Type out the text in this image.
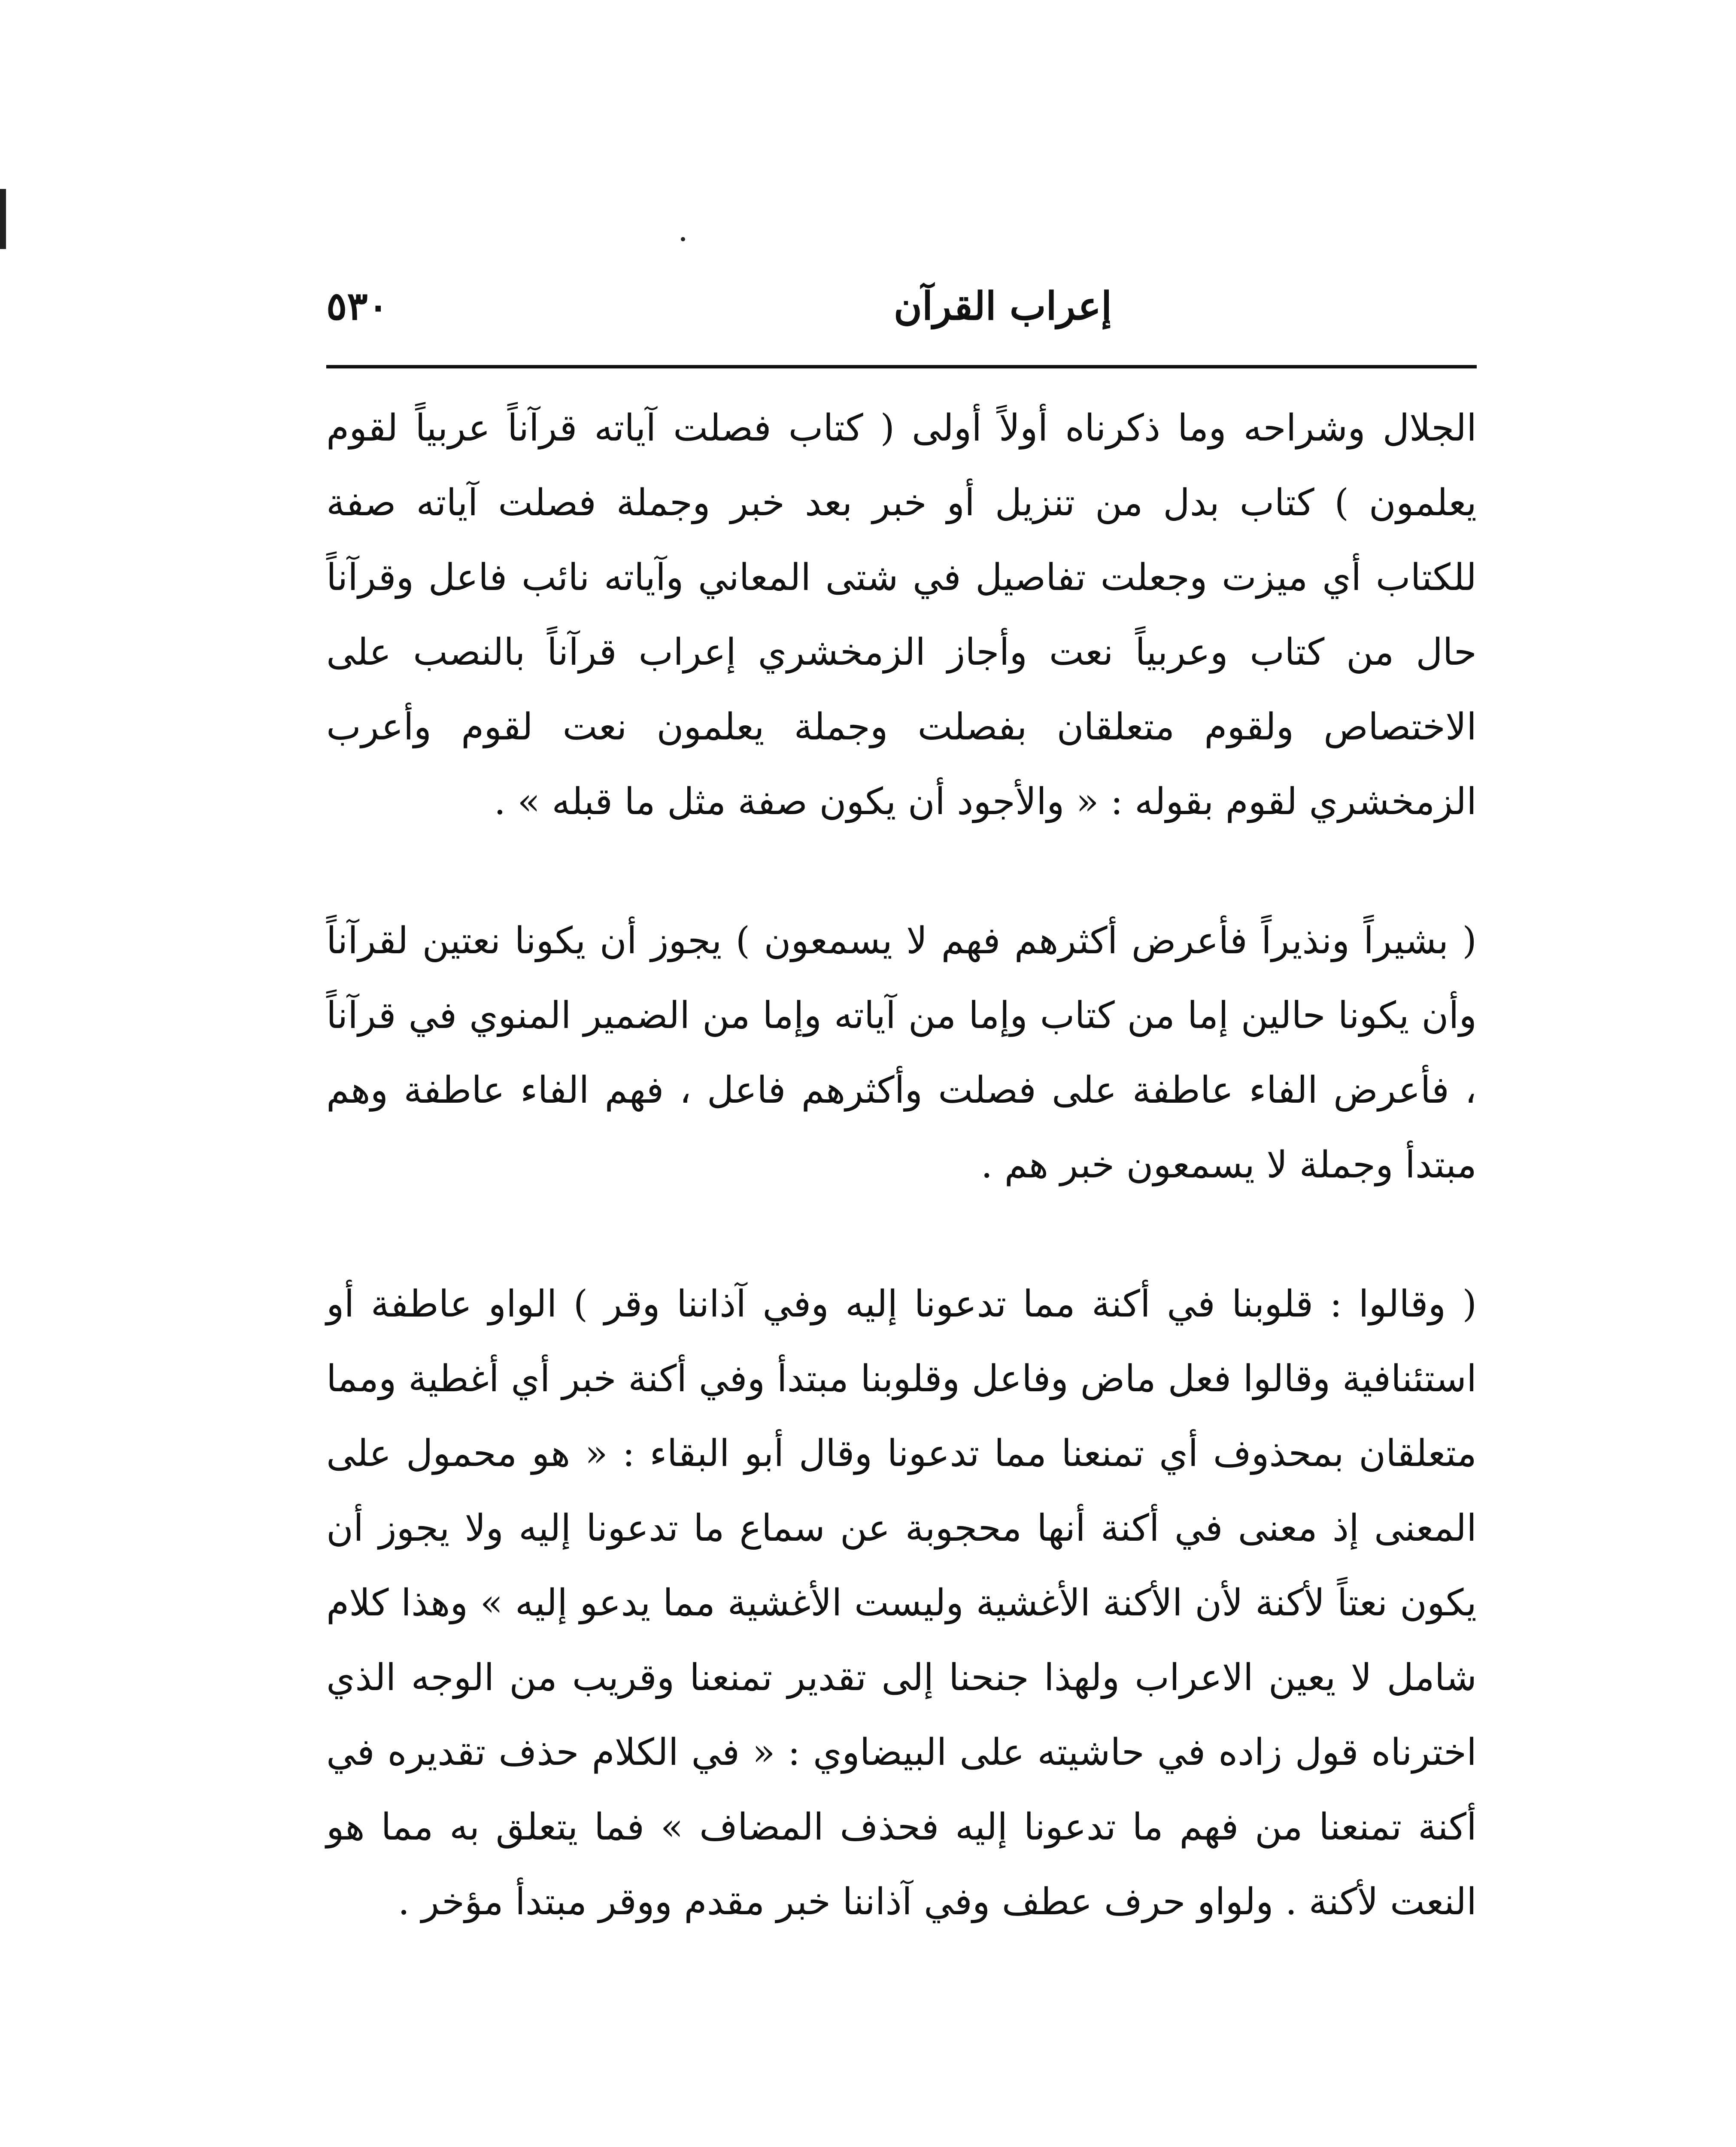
٥٣٠	إعراب القرآن

الجلال وشراحه وما ذكرناه أولاً أولى ( كتاب فصلت آياته قرآناً عربياً لقوم يعلمون ) كتاب بدل من تنزيل أو خبر بعد خبر وجملة فصلت آياته صفة للكتاب أي ميزت وجعلت تفاصيل في شتى المعاني وآياته نائب فاعل وقرآناً حال من كتاب وعربياً نعت وأجاز الزمخشري إعراب قرآناً بالنصب على الاختصاص ولقوم متعلقان بفصلت وجملة يعلمون نعت لقوم وأعرب الزمخشري لقوم بقوله : « والأجود أن يكون صفة مثل ما قبله » .

( بشيراً ونذيراً فأعرض أكثرهم فهم لا يسمعون ) يجوز أن يكونا نعتين لقرآناً وأن يكونا حالين إما من كتاب وإما من آياته وإما من الضمير المنوي في قرآناً ، فأعرض الفاء عاطفة على فصلت وأكثرهم فاعل ، فهم الفاء عاطفة وهم مبتدأ وجملة لا يسمعون خبر هم .

( وقالوا : قلوبنا في أكنة مما تدعونا إليه وفي آذاننا وقر ) الواو عاطفة أو استئنافية وقالوا فعل ماض وفاعل وقلوبنا مبتدأ وفي أكنة خبر أي أغطية ومما متعلقان بمحذوف أي تمنعنا مما تدعونا وقال أبو البقاء : « هو محمول على المعنى إذ معنى في أكنة أنها محجوبة عن سماع ما تدعونا إليه ولا يجوز أن يكون نعتاً لأكنة لأن الأكنة الأغشية وليست الأغشية مما يدعو إليه » وهذا كلام شامل لا يعين الاعراب ولهذا جنحنا إلى تقدير تمنعنا وقريب من الوجه الذي اخترناه قول زاده في حاشيته على البيضاوي : « في الكلام حذف تقديره في أكنة تمنعنا من فهم ما تدعونا إليه فحذف المضاف » فما يتعلق به مما هو النعت لأكنة . ولواو حرف عطف وفي آذاننا خبر مقدم ووقر مبتدأ مؤخر .
